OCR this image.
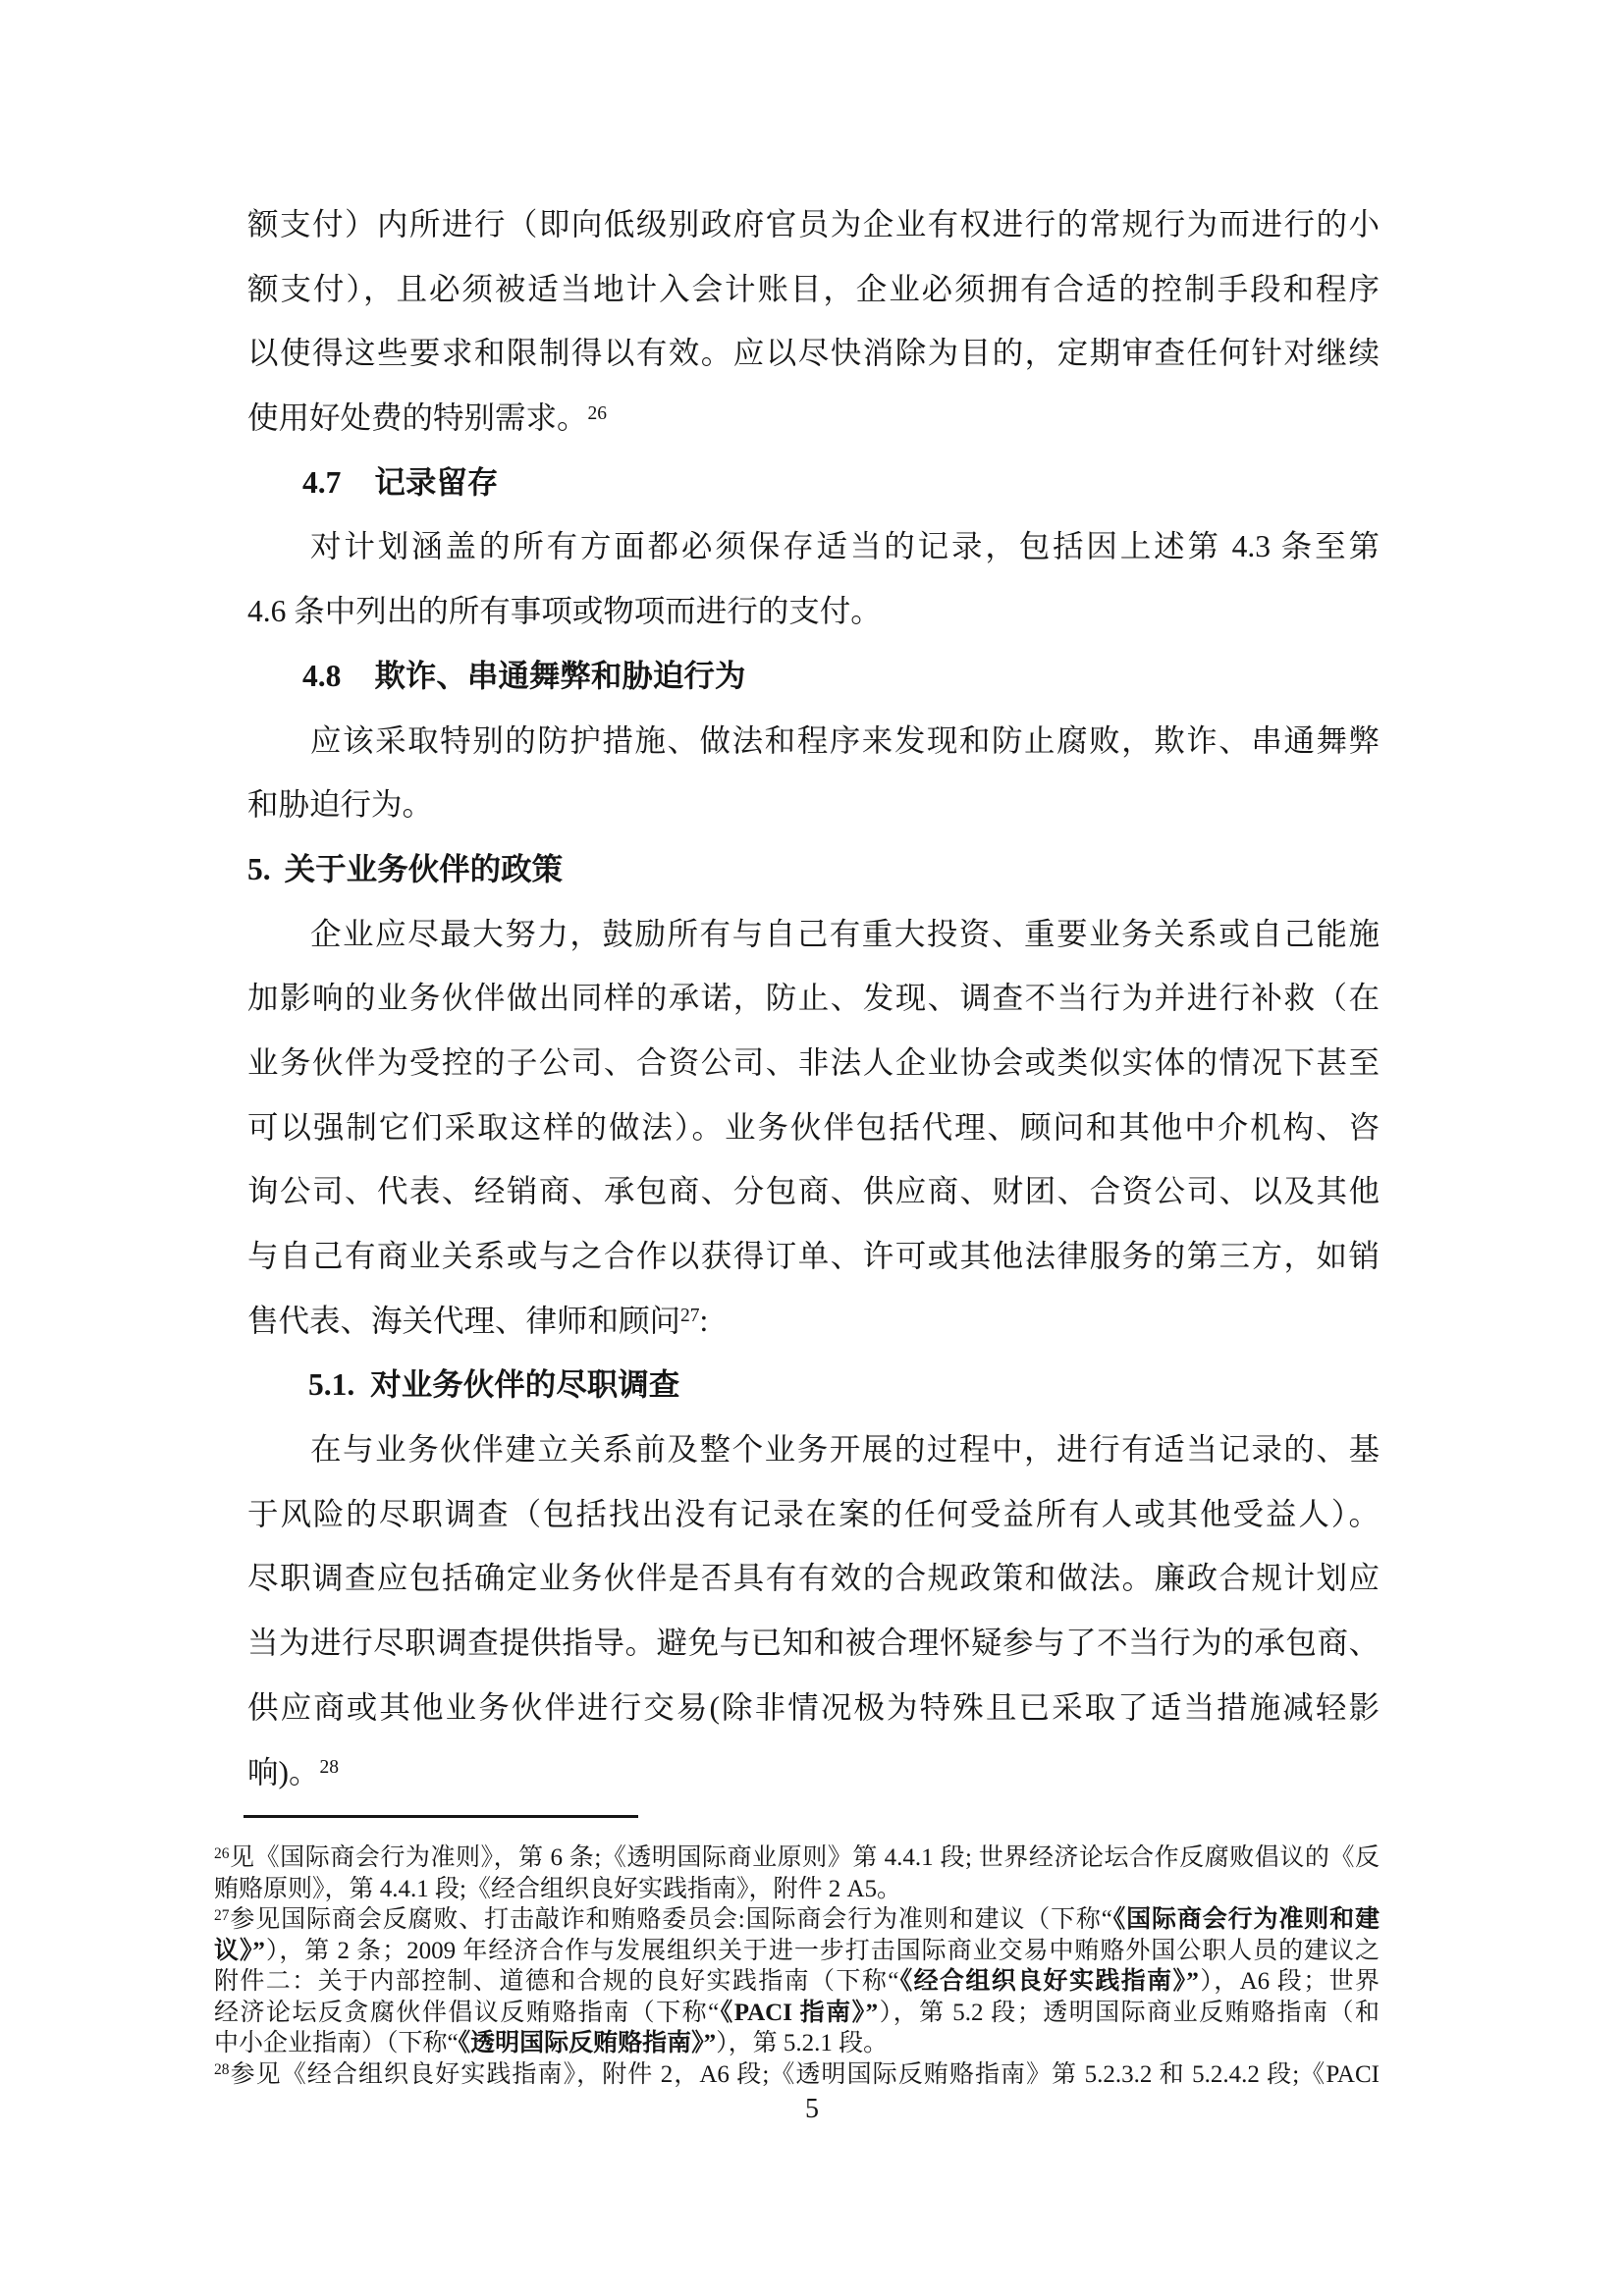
额支付）内所进行（即向低级别政府官员为企业有权进行的常规行为而进行的小
额支付），且必须被适当地计入会计账目，企业必须拥有合适的控制手段和程序
以使得这些要求和限制得以有效。应以尽快消除为目的，定期审查任何针对继续
使用好处费的特别需求。$^{26}$
4.7 记录留存
对计划涵盖的所有方面都必须保存适当的记录，包括因上述第 4.3 条至第
4.6 条中列出的所有事项或物项而进行的支付。
4.8 欺诈、串通舞弊和胁迫行为
应该采取特别的防护措施、做法和程序来发现和防止腐败，欺诈、串通舞弊
和胁迫行为。
5. 关于业务伙伴的政策
企业应尽最大努力，鼓励所有与自己有重大投资、重要业务关系或自己能施
加影响的业务伙伴做出同样的承诺，防止、发现、调查不当行为并进行补救（在
业务伙伴为受控的子公司、合资公司、非法人企业协会或类似实体的情况下甚至
可以强制它们采取这样的做法）。业务伙伴包括代理、顾问和其他中介机构、咨
询公司、代表、经销商、承包商、分包商、供应商、财团、合资公司、以及其他
与自己有商业关系或与之合作以获得订单、许可或其他法律服务的第三方，如销
售代表、海关代理、律师和顾问$^{27}$:
5.1. 对业务伙伴的尽职调查
在与业务伙伴建立关系前及整个业务开展的过程中，进行有适当记录的、基
于风险的尽职调查（包括找出没有记录在案的任何受益所有人或其他受益人）。
尽职调查应包括确定业务伙伴是否具有有效的合规政策和做法。廉政合规计划应
当为进行尽职调查提供指导。避免与已知和被合理怀疑参与了不当行为的承包商、
供应商或其他业务伙伴进行交易(除非情况极为特殊且已采取了适当措施减轻影
响)。$^{28}$
$^{26}$见《国际商会行为准则》，第 6 条;《透明国际商业原则》第 4.4.1 段; 世界经济论坛合作反腐败倡议的《反
贿赂原则》，第 4.4.1 段;《经合组织良好实践指南》，附件 2 A5。
$^{27}$参见国际商会反腐败、打击敲诈和贿赂委员会:国际商会行为准则和建议（下称“《国际商会行为准则和建
议》”），第 2 条；2009 年经济合作与发展组织关于进一步打击国际商业交易中贿赂外国公职人员的建议之
附件二：关于内部控制、道德和合规的良好实践指南（下称“《经合组织良好实践指南》”），A6 段；世界
经济论坛反贪腐伙伴倡议反贿赂指南（下称“《PACI 指南》”），第 5.2 段；透明国际商业反贿赂指南（和
中小企业指南）（下称“《透明国际反贿赂指南》”），第 5.2.1 段。
$^{28}$参见《经合组织良好实践指南》，附件 2，A6 段;《透明国际反贿赂指南》第 5.2.3.2 和 5.2.4.2 段;《PACI
5
